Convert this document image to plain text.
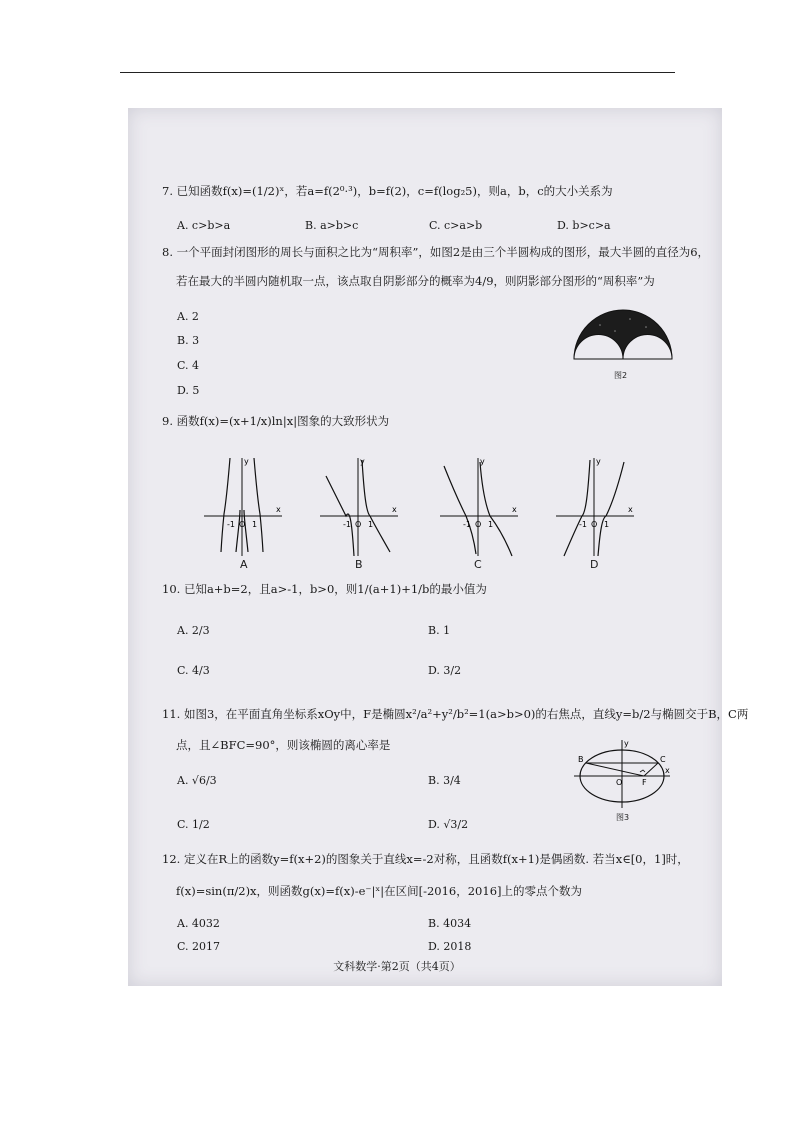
7. 已知函数f(x)=(1/2)ˣ，若a=f(2⁰·³)，b=f(2)，c=f(log₂5)，则a，b，c的大小关系为
A. c>b>a	B. a>b>c	C. c>a>b	D. b>c>a
8. 一个平面封闭图形的周长与面积之比为“周积率”，如图2是由三个半圆构成的图形，最大半圆的直径为6，
若在最大的半圆内随机取一点，该点取自阴影部分的概率为4/9，则阴影部分图形的“周积率”为
A. 2
B. 3
C. 4
D. 5
图2
9. 函数f(x)=(x+1/x)ln|x|图象的大致形状为
y
x
-1 O 1
A
y
x
-1 O 1
B
y
x
-1 O 1
C
y
x
-1 O 1
D
10. 已知a+b=2，且a>-1，b>0，则1/(a+1)+1/b的最小值为
A. 2/3	B. 1
C. 4/3	D. 3/2
11. 如图3，在平面直角坐标系xOy中，F是椭圆x²/a²+y²/b²=1(a>b>0)的右焦点，直线y=b/2与椭圆交于B，C两
点，且∠BFC=90°，则该椭圆的离心率是
A. √6/3	B. 3/4
C. 1/2	D. √3/2
B	C
y
x
O F
图3
12. 定义在R上的函数y=f(x+2)的图象关于直线x=-2对称，且函数f(x+1)是偶函数. 若当x∈[0，1]时，
f(x)=sin(π/2)x，则函数g(x)=f(x)-e⁻|ˣ|在区间[-2016，2016]上的零点个数为
A. 4032	B. 4034
C. 2017	D. 2018
文科数学·第2页（共4页）
